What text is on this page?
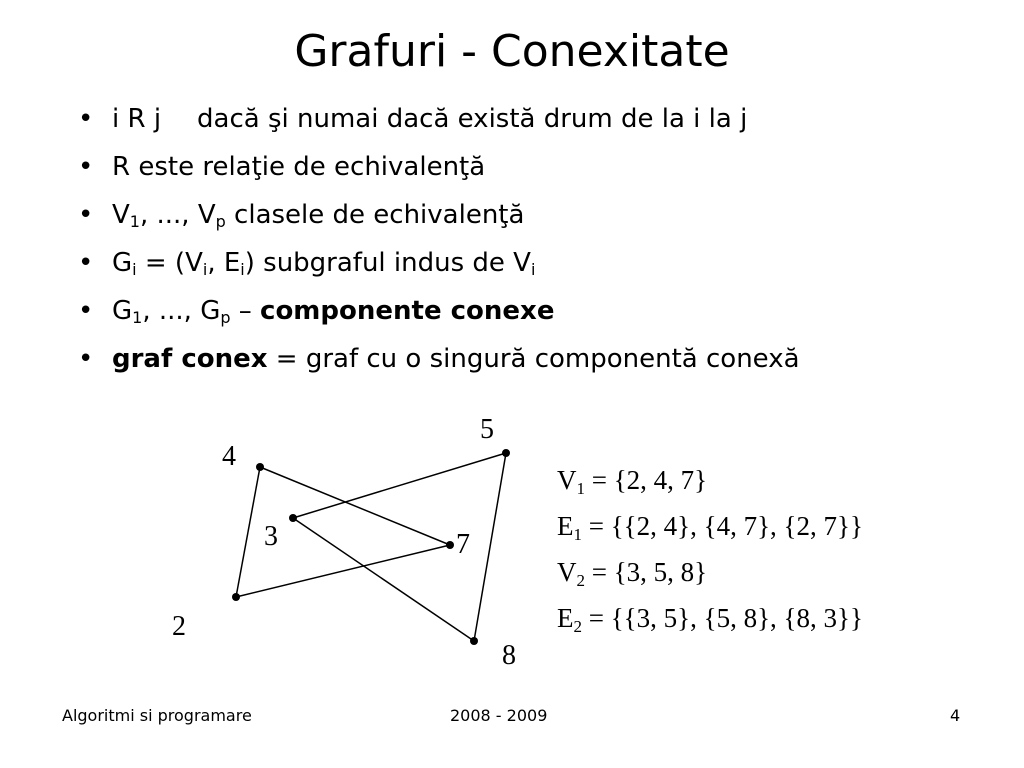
Grafuri - Conexitate
• i R j dacă şi numai dacă există drum de la i la j
• R este relaţie de echivalenţă
• $V_1$, ..., $V_p$ clasele de echivalenţă
• $G_i = (V_i$, $E_i$) subgraful indus de $V_i$
• $G_1$, ..., $G_p$ – componente conexe
• graf conex = graf cu o singură componentă conexă
4
5
3	7
2
8
$V_1 = \{2$, 4, 7}
$E_1 = \{\{2$, 4}, {4, 7}, {2, 7}}
$V_2 = \{3$, 5, 8}
$E_2 = \{\{3$, 5}, {5, 8}, {8, 3}}
Algoritmi si programare	2008 - 2009	4
